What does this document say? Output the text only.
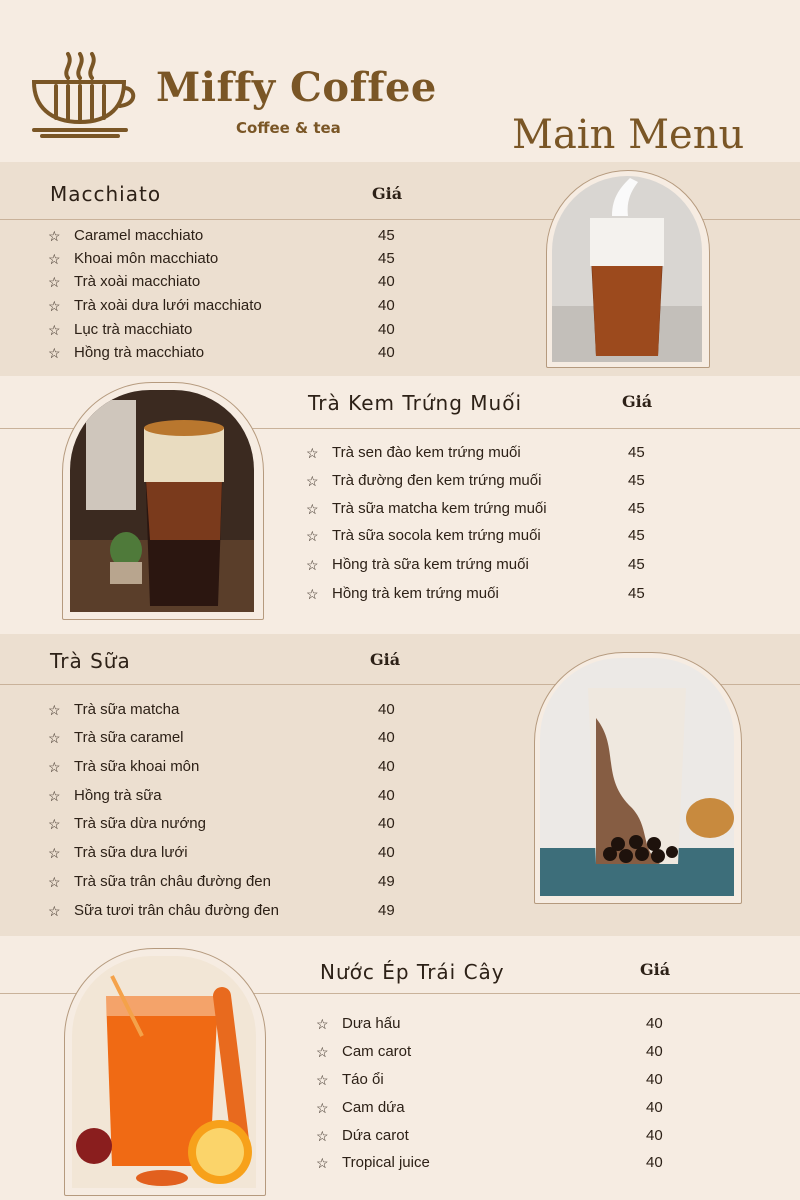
Miffy Coffee
Coffee & tea	Main Menu
Macchiato	Giá
☆ Caramel macchiato	45
☆ Khoai môn macchiato	45
☆ Trà xoài macchiato	40
☆ Trà xoài dưa lưới macchiato	40
☆ Lục trà macchiato	40
☆ Hồng trà macchiato	40
Trà Kem Trứng Muối	Giá
☆ Trà sen đào kem trứng muối	45
☆ Trà đường đen kem trứng muối	45
☆ Trà sữa matcha kem trứng muối	45
☆ Trà sữa socola kem trứng muối	45
☆ Hồng trà sữa kem trứng muối	45
☆ Hồng trà kem trứng muối	45
Trà Sữa	Giá
☆ Trà sữa matcha	40
☆ Trà sữa caramel	40
☆ Trà sữa khoai môn	40
☆ Hồng trà sữa	40
☆ Trà sữa dừa nướng	40
☆ Trà sữa dưa lưới	40
☆ Trà sữa trân châu đường đen	49
☆ Sữa tươi trân châu đường đen	49
Nước Ép Trái Cây	Giá
☆ Dưa hấu	40
☆ Cam carot	40
☆ Táo ổi	40
☆ Cam dứa	40
☆ Dứa carot	40
☆ Tropical juice	40
